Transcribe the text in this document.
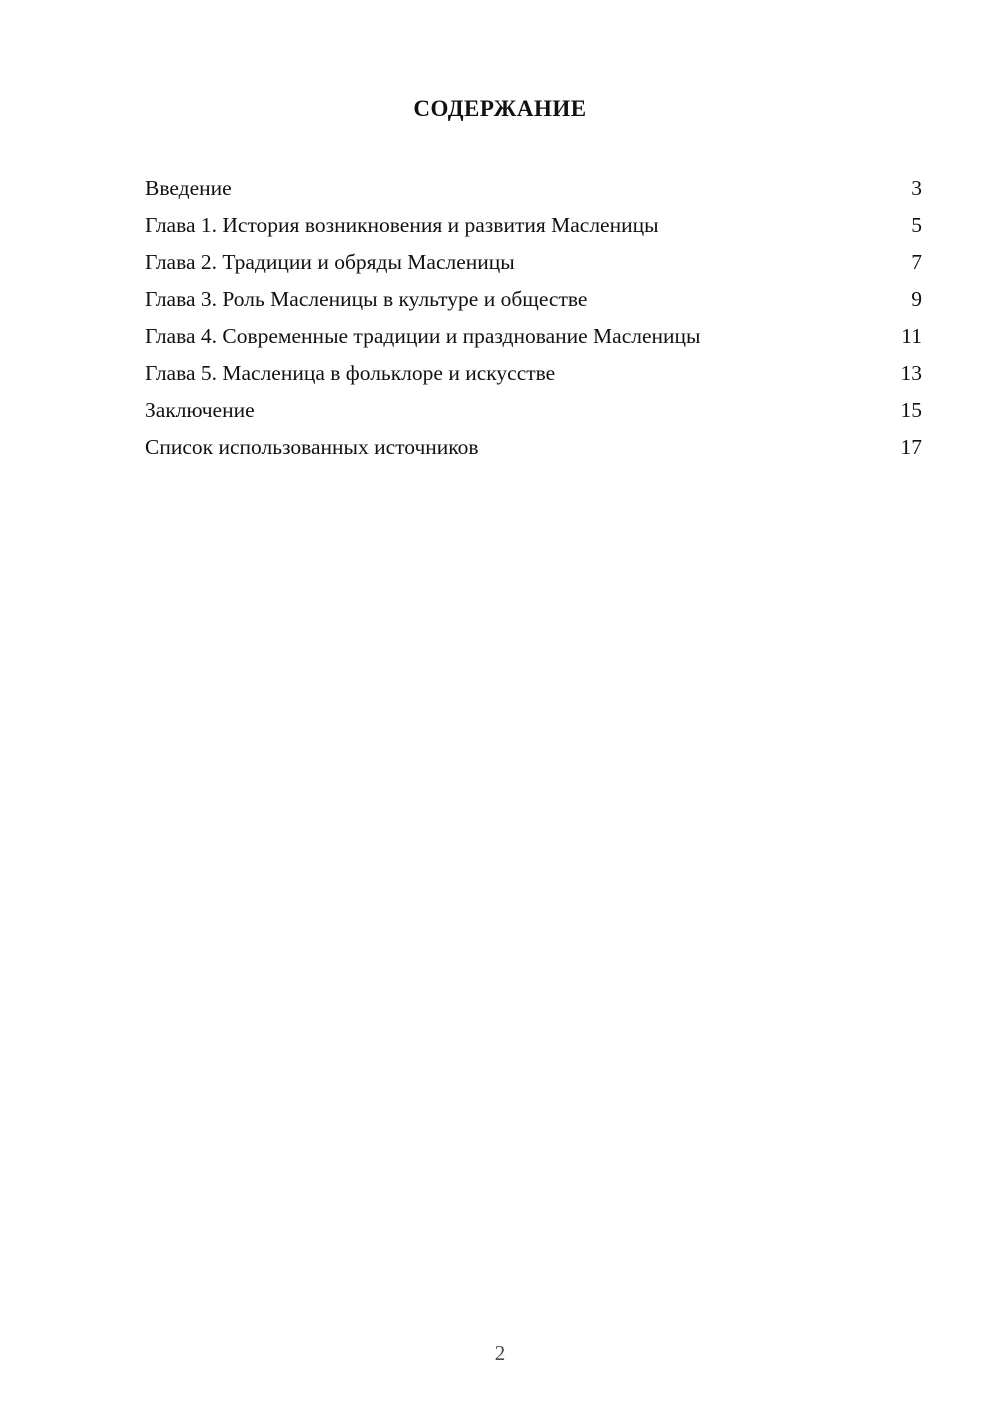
СОДЕРЖАНИЕ
Введение	3
Глава 1. История возникновения и развития Масленицы	5
Глава 2. Традиции и обряды Масленицы	7
Глава 3. Роль Масленицы в культуре и обществе	9
Глава 4. Современные традиции и празднование Масленицы	11
Глава 5. Масленица в фольклоре и искусстве	13
Заключение	15
Список использованных источников	17
2
